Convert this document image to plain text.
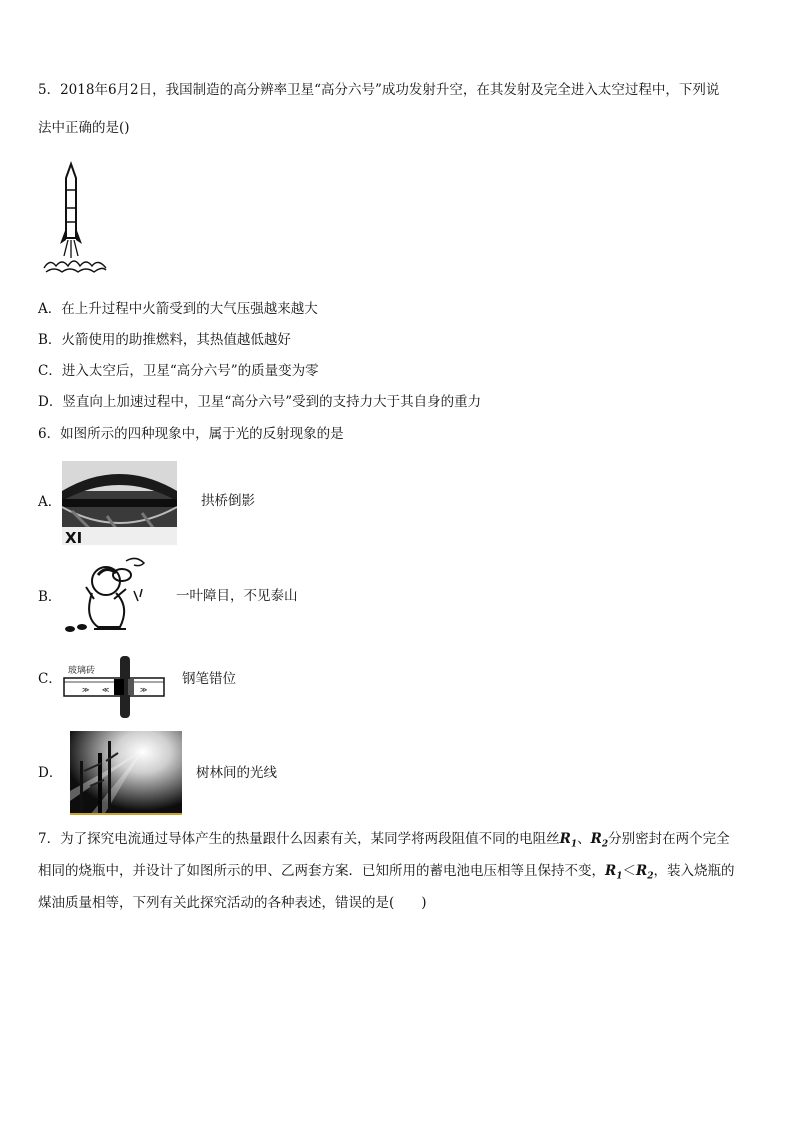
5．2018年6月2日，我国制造的高分辨率卫星“高分六号”成功发射升空，在其发射及完全进入太空过程中，下列说
法中正确的是()
A．在上升过程中火箭受到的大气压强越来越大
B．火箭使用的助推燃料，其热值越低越好
C．进入太空后，卫星“高分六号”的质量变为零
D．竖直向上加速过程中，卫星“高分六号”受到的支持力大于其自身的重力
6．如图所示的四种现象中，属于光的反射现象的是
A．
XI
拱桥倒影
B．	一叶障目，不见泰山
C． 玻璃砖
≫ ≪	≫
钢笔错位
D．	树林间的光线
7．为了探究电流通过导体产生的热量跟什么因素有关，某同学将两段阻值不同的电阻丝$R_1$、$R_2$分别密封在两个完全
相同的烧瓶中，并设计了如图所示的甲、乙两套方案．已知所用的蓄电池电压相等且保持不变，$R_1<R_2$，装入烧瓶的
煤油质量相等，下列有关此探究活动的各种表述，错误的是(　　)
